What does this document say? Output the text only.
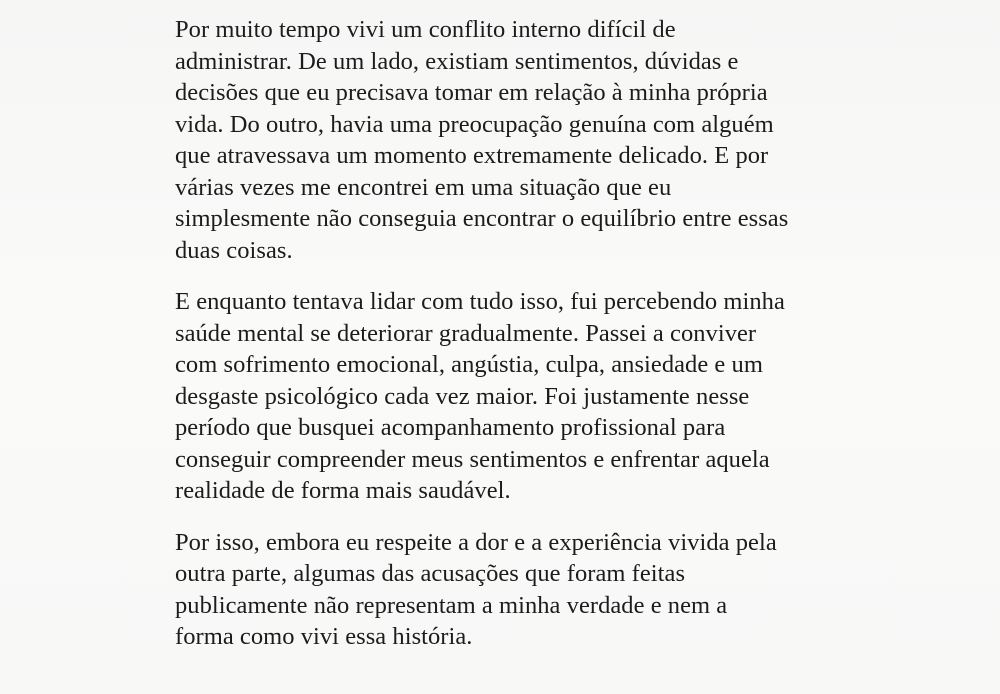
Por muito tempo vivi um conflito interno difícil de
administrar. De um lado, existiam sentimentos, dúvidas e
decisões que eu precisava tomar em relação à minha própria
vida. Do outro, havia uma preocupação genuína com alguém
que atravessava um momento extremamente delicado. E por
várias vezes me encontrei em uma situação que eu
simplesmente não conseguia encontrar o equilíbrio entre essas
duas coisas.

E enquanto tentava lidar com tudo isso, fui percebendo minha
saúde mental se deteriorar gradualmente. Passei a conviver
com sofrimento emocional, angústia, culpa, ansiedade e um
desgaste psicológico cada vez maior. Foi justamente nesse
período que busquei acompanhamento profissional para
conseguir compreender meus sentimentos e enfrentar aquela
realidade de forma mais saudável.

Por isso, embora eu respeite a dor e a experiência vivida pela
outra parte, algumas das acusações que foram feitas
publicamente não representam a minha verdade e nem a
forma como vivi essa história.
